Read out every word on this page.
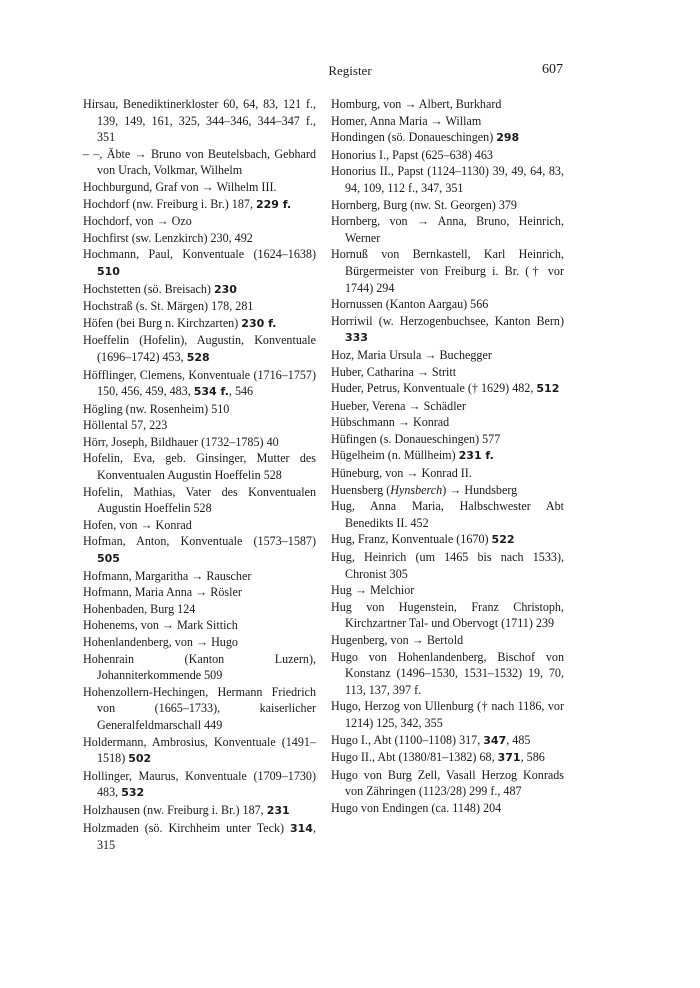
Register	607

Hirsau, Benediktinerkloster 60, 64, 83, 121 f., 139, 149, 161, 325, 344–346, 344–347 f., 351

– –, Äbte → Bruno von Beutelsbach, Gebhard von Urach, Volkmar, Wilhelm

Hochburgund, Graf von → Wilhelm III.

Hochdorf (nw. Freiburg i. Br.) 187, 229 f.

Hochdorf, von → Ozo

Hochfirst (sw. Lenzkirch) 230, 492

Hochmann, Paul, Konventuale (1624–1638) 510

Hochstetten (sö. Breisach) 230

Hochstraß (s. St. Märgen) 178, 281

Höfen (bei Burg n. Kirchzarten) 230 f.

Hoeffelin (Hofelin), Augustin, Konventuale (1696–1742) 453, 528

Höfflinger, Clemens, Konventuale (1716–1757) 150, 456, 459, 483, 534 f., 546

Högling (nw. Rosenheim) 510

Höllental 57, 223

Hörr, Joseph, Bildhauer (1732–1785) 40

Hofelin, Eva, geb. Ginsinger, Mutter des Konventualen Augustin Hoeffelin 528

Hofelin, Mathias, Vater des Konventualen Augustin Hoeffelin 528

Hofen, von → Konrad

Hofman, Anton, Konventuale (1573–1587) 505

Hofmann, Margaritha → Rauscher

Hofmann, Maria Anna → Rösler

Hohenbaden, Burg 124

Hohenems, von → Mark Sittich

Hohenlandenberg, von → Hugo

Hohenrain (Kanton Luzern), Johanniterkommende 509

Hohenzollern-Hechingen, Hermann Friedrich von (1665–1733), kaiserlicher Generalfeldmarschall 449

Holdermann, Ambrosius, Konventuale (1491–1518) 502

Hollinger, Maurus, Konventuale (1709–1730) 483, 532

Holzhausen (nw. Freiburg i. Br.) 187, 231

Holzmaden (sö. Kirchheim unter Teck) 314, 315

Homburg, von → Albert, Burkhard

Homer, Anna Maria → Willam

Hondingen (sö. Donaueschingen) 298

Honorius I., Papst (625–638) 463

Honorius II., Papst (1124–1130) 39, 49, 64, 83, 94, 109, 112 f., 347, 351

Hornberg, Burg (nw. St. Georgen) 379

Hornberg, von → Anna, Bruno, Heinrich, Werner

Hornuß von Bernkastell, Karl Heinrich, Bürgermeister von Freiburg i. Br. († vor 1744) 294

Hornussen (Kanton Aargau) 566

Horriwil (w. Herzogenbuchsee, Kanton Bern) 333

Hoz, Maria Ursula → Buchegger

Huber, Catharina → Stritt

Huder, Petrus, Konventuale († 1629) 482, 512

Hueber, Verena → Schädler

Hübschmann → Konrad

Hüfingen (s. Donaueschingen) 577

Hügelheim (n. Müllheim) 231 f.

Hüneburg, von → Konrad II.

Huensberg (Hynsberch) → Hundsberg

Hug, Anna Maria, Halbschwester Abt Benedikts II. 452

Hug, Franz, Konventuale (1670) 522

Hug, Heinrich (um 1465 bis nach 1533), Chronist 305

Hug → Melchior

Hug von Hugenstein, Franz Christoph, Kirchzartner Tal- und Obervogt (1711) 239

Hugenberg, von → Bertold

Hugo von Hohenlandenberg, Bischof von Konstanz (1496–1530, 1531–1532) 19, 70, 113, 137, 397 f.

Hugo, Herzog von Ullenburg († nach 1186, vor 1214) 125, 342, 355

Hugo I., Abt (1100–1108) 317, 347, 485

Hugo II., Abt (1380/81–1382) 68, 371, 586

Hugo von Burg Zell, Vasall Herzog Konrads von Zähringen (1123/28) 299 f., 487

Hugo von Endingen (ca. 1148) 204
